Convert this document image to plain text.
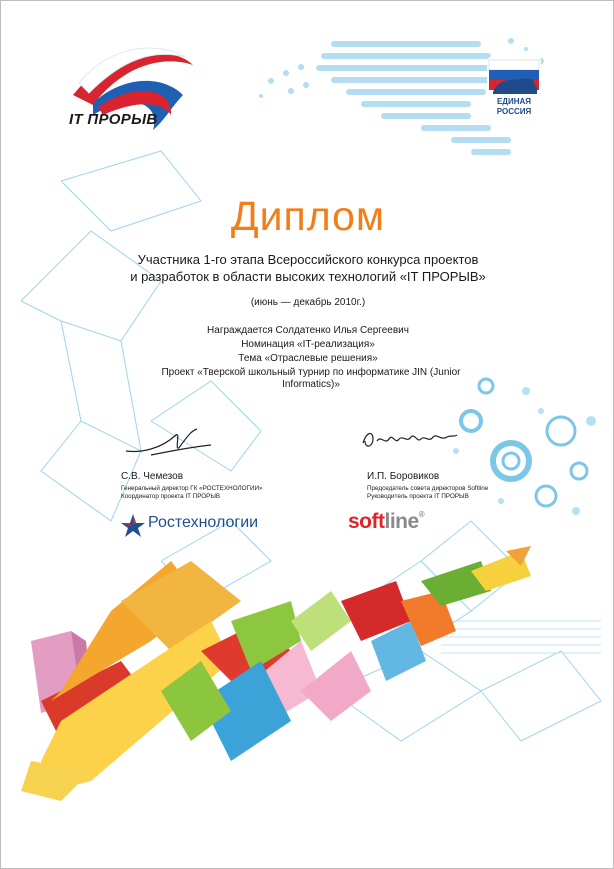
IT ПРОРЫВ
ЕДИНАЯ
РОССИЯ
Диплом
Участника 1-го этапа Всероссийского конкурса проектов
и разработок в области высоких технологий «IT ПРОРЫВ»
(июнь — декабрь 2010г.)
Награждается Солдатенко Илья Сергеевич
Номинация «IT-реализация»
Тема «Отраслевые решения»
Проект «Тверской школьный турнир по информатике JIN (Junior Informatics)»
С.В. Чемезов
Генеральный директор ГК «РОСТЕХНОЛОГИИ»
Координатор проекта IT ПРОРЫВ
И.П. Боровиков
Председатель совета директоров Softline
Руководитель проекта IT ПРОРЫВ
Ростехнологии	softline®
